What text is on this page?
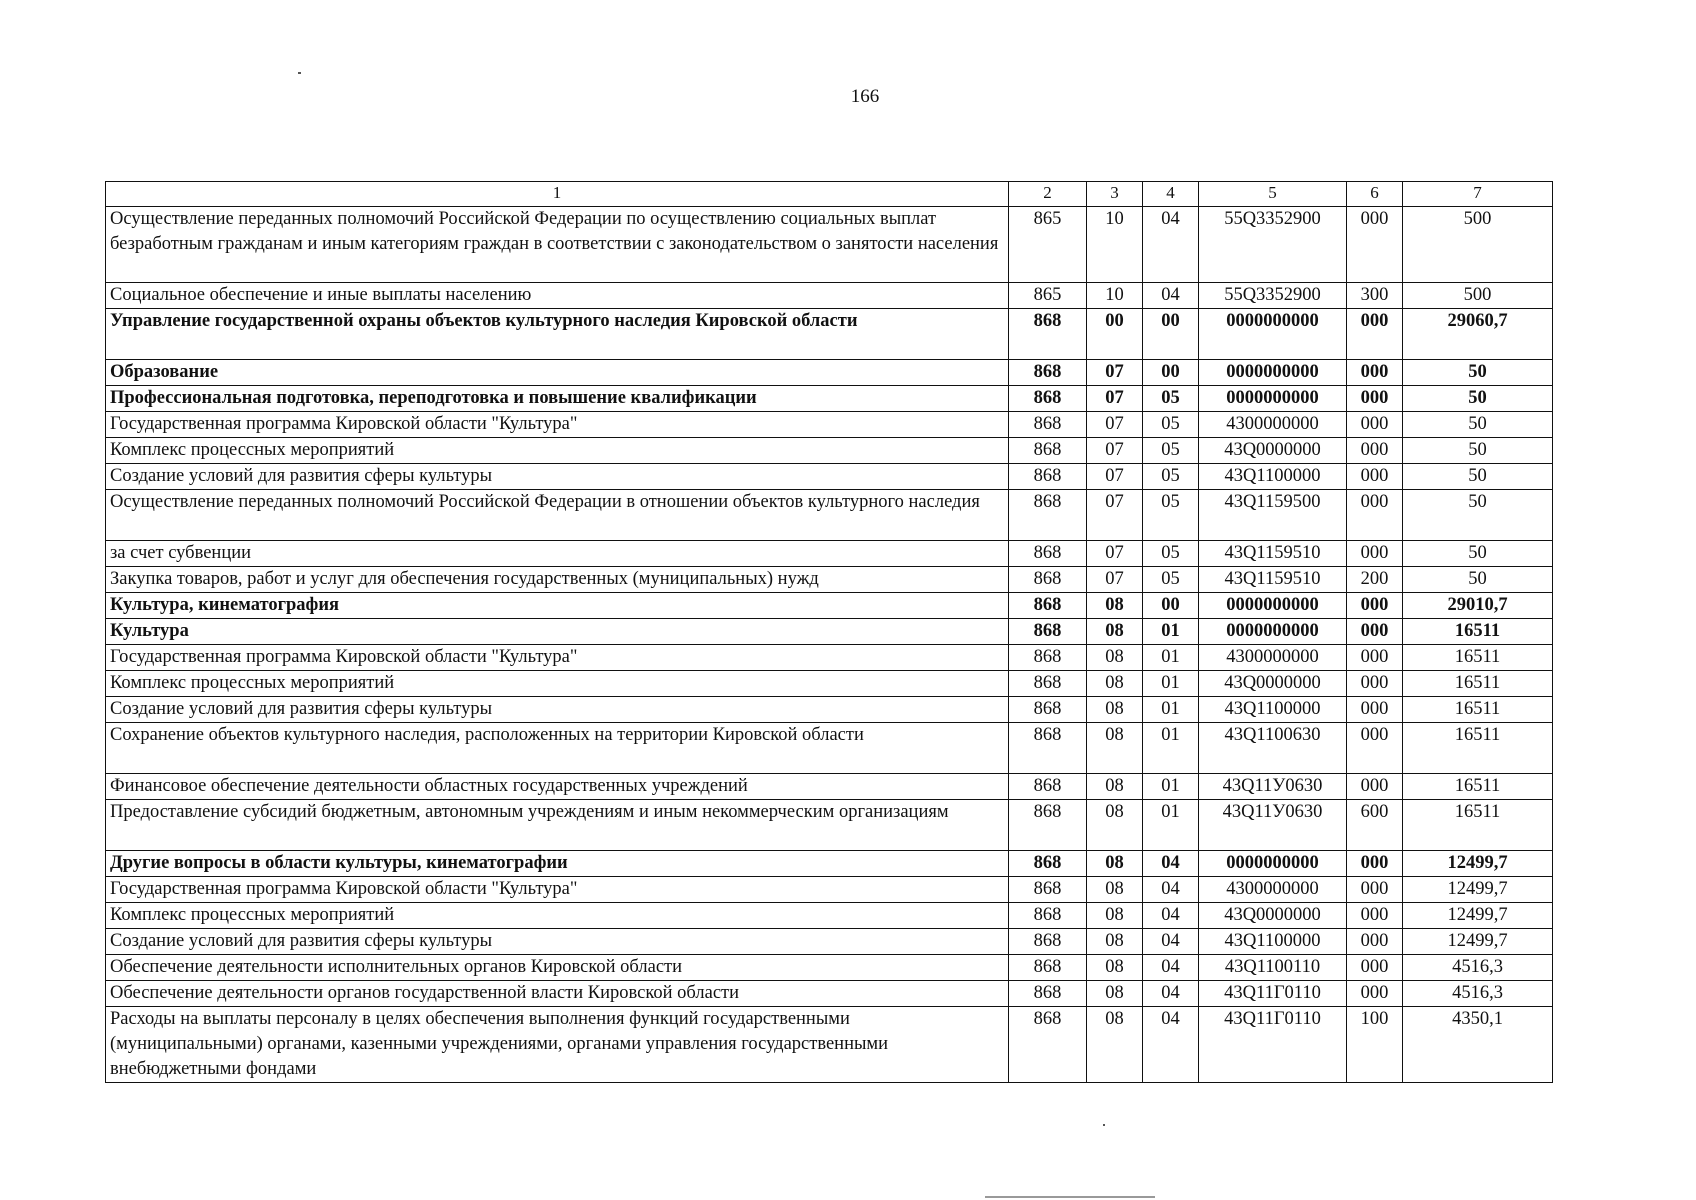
166
1	2	3	4	5	6	7
Осуществление переданных полномочий Российской Федерации по осуществлению социальных выплат безработным гражданам и иным категориям граждан в соответствии с законодательством о занятости населения	865	10	04	55Q3352900	000	500
Социальное обеспечение и иные выплаты населению	865	10	04	55Q3352900	300	500
Управление государственной охраны объектов культурного наследия Кировской области	868	00	00	0000000000	000	29060,7
Образование	868	07	00	0000000000	000	50
Профессиональная подготовка, переподготовка и повышение квалификации	868	07	05	0000000000	000	50
Государственная программа Кировской области "Культура"	868	07	05	4300000000	000	50
Комплекс процессных мероприятий	868	07	05	43Q0000000	000	50
Создание условий для развития сферы культуры	868	07	05	43Q1100000	000	50
Осуществление переданных полномочий Российской Федерации в отношении объектов культурного наследия	868	07	05	43Q1159500	000	50
за счет субвенции	868	07	05	43Q1159510	000	50
Закупка товаров, работ и услуг для обеспечения государственных (муниципальных) нужд	868	07	05	43Q1159510	200	50
Культура, кинематография	868	08	00	0000000000	000	29010,7
Культура	868	08	01	0000000000	000	16511
Государственная программа Кировской области "Культура"	868	08	01	4300000000	000	16511
Комплекс процессных мероприятий	868	08	01	43Q0000000	000	16511
Создание условий для развития сферы культуры	868	08	01	43Q1100000	000	16511
Сохранение объектов культурного наследия, расположенных на территории Кировской области	868	08	01	43Q1100630	000	16511
Финансовое обеспечение деятельности областных государственных учреждений	868	08	01	43Q11У0630	000	16511
Предоставление субсидий бюджетным, автономным учреждениям и иным некоммерческим организациям	868	08	01	43Q11У0630	600	16511
Другие вопросы в области культуры, кинематографии	868	08	04	0000000000	000	12499,7
Государственная программа Кировской области "Культура"	868	08	04	4300000000	000	12499,7
Комплекс процессных мероприятий	868	08	04	43Q0000000	000	12499,7
Создание условий для развития сферы культуры	868	08	04	43Q1100000	000	12499,7
Обеспечение деятельности исполнительных органов Кировской области	868	08	04	43Q1100110	000	4516,3
Обеспечение деятельности органов государственной власти Кировской области	868	08	04	43Q11Г0110	000	4516,3
Расходы на выплаты персоналу в целях обеспечения выполнения функций государственными (муниципальными) органами, казенными учреждениями, органами управления государственными внебюджетными фондами	868	08	04	43Q11Г0110	100	4350,1
